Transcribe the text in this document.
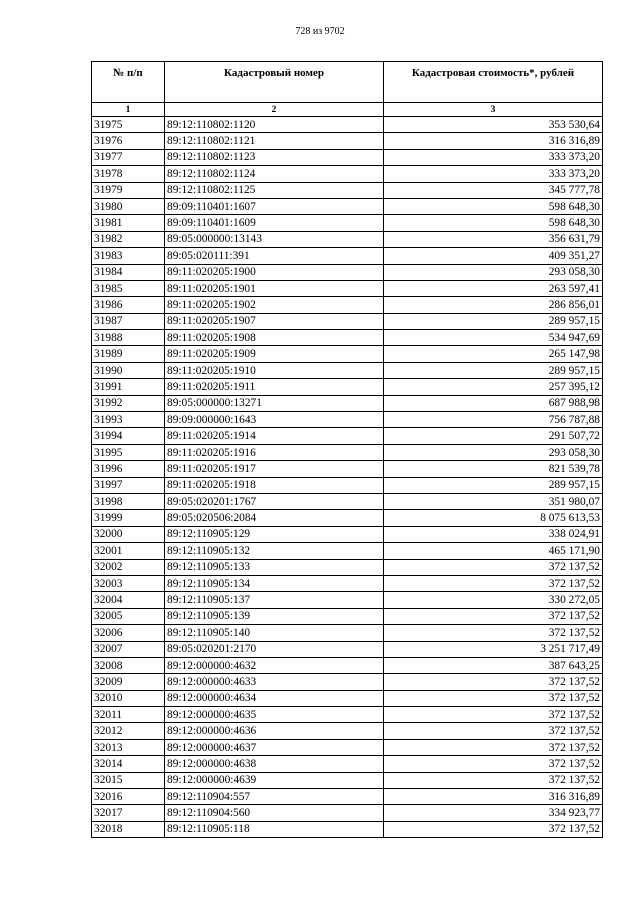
728 из 9702
№ п/п	Кадастровый номер	Кадастровая стоимость*, рублей
1	2	3
31975	89:12:110802:1120	353 530,64
31976	89:12:110802:1121	316 316,89
31977	89:12:110802:1123	333 373,20
31978	89:12:110802:1124	333 373,20
31979	89:12:110802:1125	345 777,78
31980	89:09:110401:1607	598 648,30
31981	89:09:110401:1609	598 648,30
31982	89:05:000000:13143	356 631,79
31983	89:05:020111:391	409 351,27
31984	89:11:020205:1900	293 058,30
31985	89:11:020205:1901	263 597,41
31986	89:11:020205:1902	286 856,01
31987	89:11:020205:1907	289 957,15
31988	89:11:020205:1908	534 947,69
31989	89:11:020205:1909	265 147,98
31990	89:11:020205:1910	289 957,15
31991	89:11:020205:1911	257 395,12
31992	89:05:000000:13271	687 988,98
31993	89:09:000000:1643	756 787,88
31994	89:11:020205:1914	291 507,72
31995	89:11:020205:1916	293 058,30
31996	89:11:020205:1917	821 539,78
31997	89:11:020205:1918	289 957,15
31998	89:05:020201:1767	351 980,07
31999	89:05:020506:2084	8 075 613,53
32000	89:12:110905:129	338 024,91
32001	89:12:110905:132	465 171,90
32002	89:12:110905:133	372 137,52
32003	89:12:110905:134	372 137,52
32004	89:12:110905:137	330 272,05
32005	89:12:110905:139	372 137,52
32006	89:12:110905:140	372 137,52
32007	89:05:020201:2170	3 251 717,49
32008	89:12:000000:4632	387 643,25
32009	89:12:000000:4633	372 137,52
32010	89:12:000000:4634	372 137,52
32011	89:12:000000:4635	372 137,52
32012	89:12:000000:4636	372 137,52
32013	89:12:000000:4637	372 137,52
32014	89:12:000000:4638	372 137,52
32015	89:12:000000:4639	372 137,52
32016	89:12:110904:557	316 316,89
32017	89:12:110904:560	334 923,77
32018	89:12:110905:118	372 137,52
